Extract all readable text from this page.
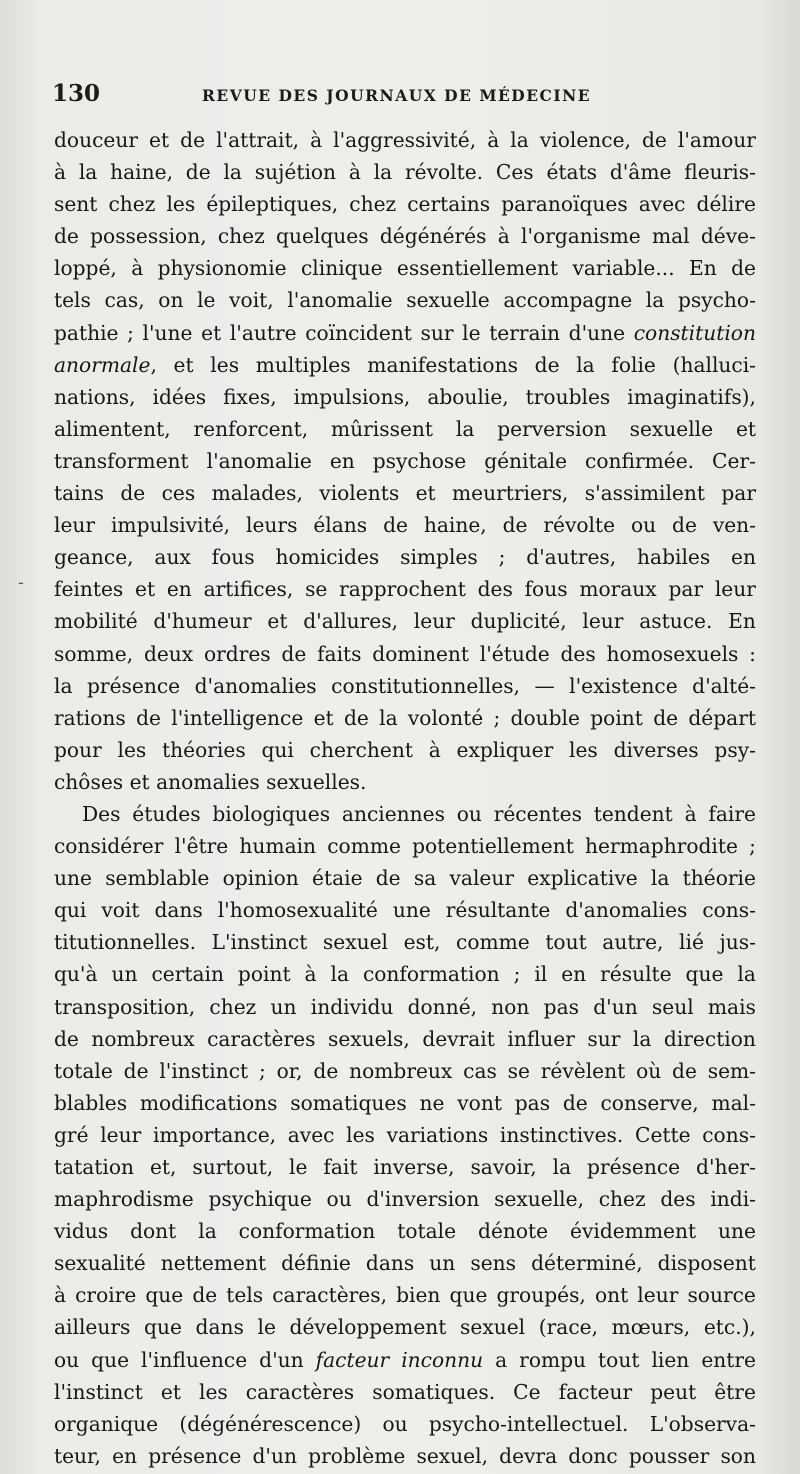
130	REVUE DES JOURNAUX DE MÉDECINE
-
douceur et de l'attrait, à l'aggressivité, à la violence, de l'amour
à la haine, de la sujétion à la révolte. Ces états d'âme fleuris-
sent chez les épileptiques, chez certains paranoïques avec délire
de possession, chez quelques dégénérés à l'organisme mal déve-
loppé, à physionomie clinique essentiellement variable... En de
tels cas, on le voit, l'anomalie sexuelle accompagne la psycho-
pathie ; l'une et l'autre coïncident sur le terrain d'une constitution
anormale, et les multiples manifestations de la folie (halluci-
nations, idées fixes, impulsions, aboulie, troubles imaginatifs),
alimentent, renforcent, mûrissent la perversion sexuelle et
transforment l'anomalie en psychose génitale confirmée. Cer-
tains de ces malades, violents et meurtriers, s'assimilent par
leur impulsivité, leurs élans de haine, de révolte ou de ven-
geance, aux fous homicides simples ; d'autres, habiles en
feintes et en artifices, se rapprochent des fous moraux par leur
mobilité d'humeur et d'allures, leur duplicité, leur astuce. En
somme, deux ordres de faits dominent l'étude des homosexuels :
la présence d'anomalies constitutionnelles, — l'existence d'alté-
rations de l'intelligence et de la volonté ; double point de départ
pour les théories qui cherchent à expliquer les diverses psy-
chôses et anomalies sexuelles.
Des études biologiques anciennes ou récentes tendent à faire
considérer l'être humain comme potentiellement hermaphrodite ;
une semblable opinion étaie de sa valeur explicative la théorie
qui voit dans l'homosexualité une résultante d'anomalies cons-
titutionnelles. L'instinct sexuel est, comme tout autre, lié jus-
qu'à un certain point à la conformation ; il en résulte que la
transposition, chez un individu donné, non pas d'un seul mais
de nombreux caractères sexuels, devrait influer sur la direction
totale de l'instinct ; or, de nombreux cas se révèlent où de sem-
blables modifications somatiques ne vont pas de conserve, mal-
gré leur importance, avec les variations instinctives. Cette cons-
tatation et, surtout, le fait inverse, savoir, la présence d'her-
maphrodisme psychique ou d'inversion sexuelle, chez des indi-
vidus dont la conformation totale dénote évidemment une
sexualité nettement définie dans un sens déterminé, disposent
à croire que de tels caractères, bien que groupés, ont leur source
ailleurs que dans le développement sexuel (race, mœurs, etc.),
ou que l'influence d'un facteur inconnu a rompu tout lien entre
l'instinct et les caractères somatiques. Ce facteur peut être
organique (dégénérescence) ou psycho-intellectuel. L'observa-
teur, en présence d'un problème sexuel, devra donc pousser son
